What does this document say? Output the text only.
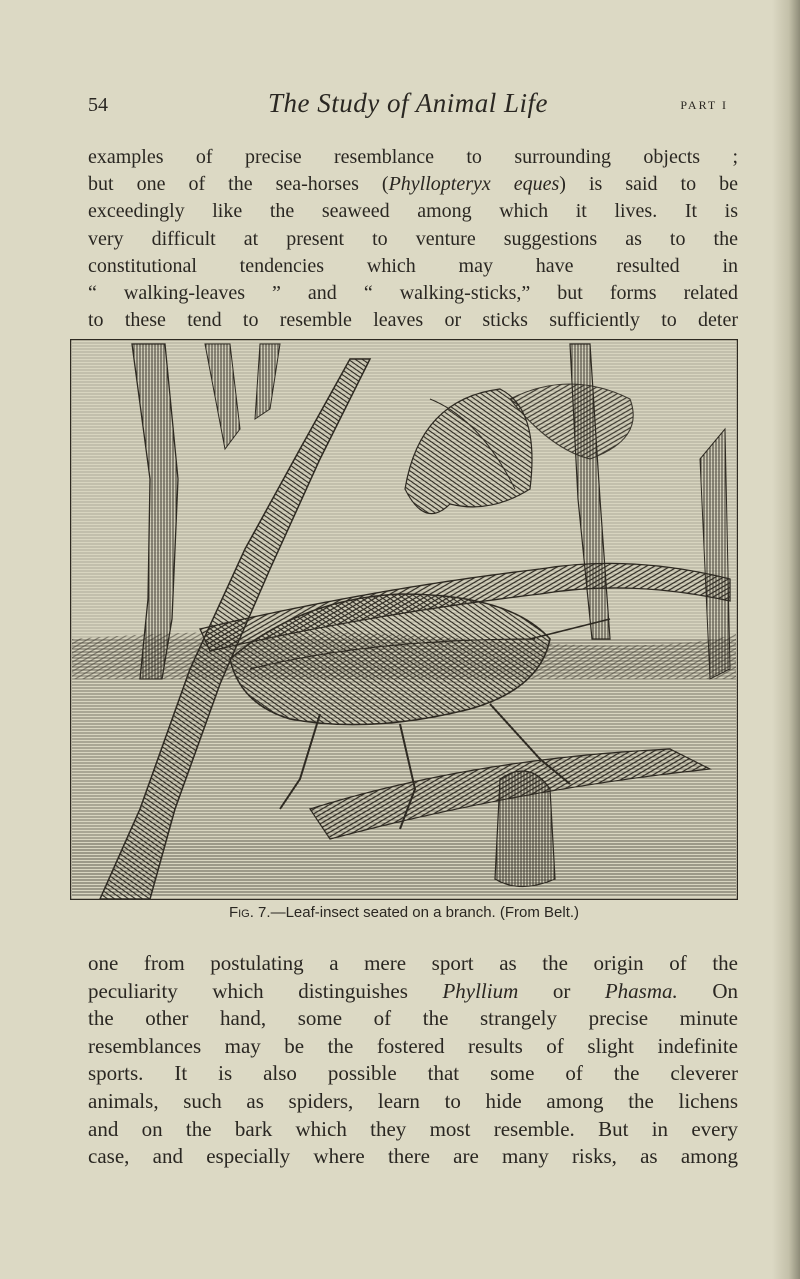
54	The Study of Animal Life	PART I
examples of precise resemblance to surrounding objects ;
but one of the sea-horses (Phyllopteryx eques) is said to be
exceedingly like the seaweed among which it lives. It is
very difficult at present to venture suggestions as to the
constitutional tendencies which may have resulted in
“ walking-leaves ” and “ walking-sticks,” but forms related
to these tend to resemble leaves or sticks sufficiently to deter
Fig. 7.—Leaf-insect seated on a branch. (From Belt.)
one from postulating a mere sport as the origin of the
peculiarity which distinguishes Phyllium or Phasma. On
the other hand, some of the strangely precise minute
resemblances may be the fostered results of slight indefinite
sports. It is also possible that some of the cleverer
animals, such as spiders, learn to hide among the lichens
and on the bark which they most resemble. But in every
case, and especially where there are many risks, as among
